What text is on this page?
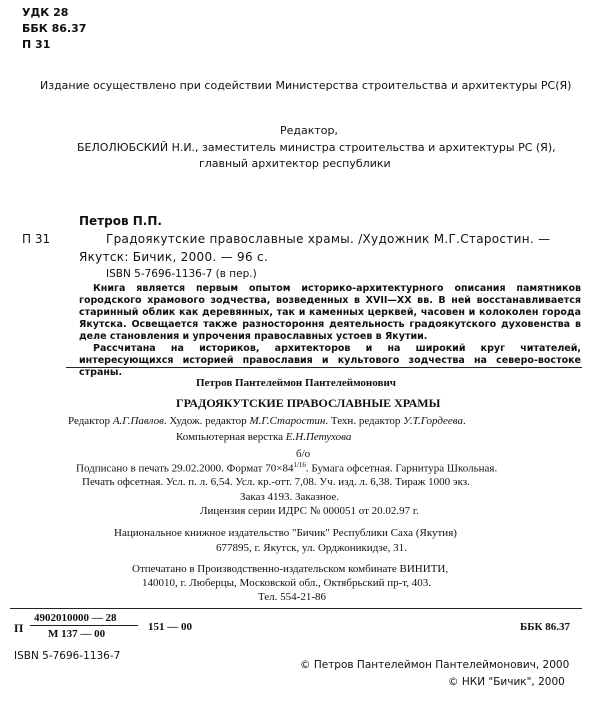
УДК 28
ББК 86.37
П 31
Издание осуществлено при содействии Министерства строительства и архитектуры РС(Я)
Редактор,
БЕЛОЛЮБСКИЙ Н.И., заместитель министра строительства и архитектуры РС (Я),
главный архитектор республики
Петров П.П.
П 31	Градоякутские православные храмы. /Художник М.Г.Старостин. —
Якутск: Бичик, 2000. — 96 с.
ISBN 5-7696-1136-7 (в пер.)

Книга является первым опытом историко-архитектурного описания памятников городского храмового зодчества, возведенных в XVII—XX вв. В ней восстанавливается старинный облик как деревянных, так и каменных церквей, часовен и колоколен города Якутска. Освещается также разностороння деятельность градоякутского духовенства в деле становления и упрочения православных устоев в Якутии.

Рассчитана на историков, архитекторов и на широкий круг читателей, интересующихся историей православия и культового зодчества на северо-востоке страны.

Петров Пантелеймон Пантелеймонович
ГРАДОЯКУТСКИЕ ПРАВОСЛАВНЫЕ ХРАМЫ
Редактор А.Г.Павлов. Худож. редактор М.Г.Старостин. Техн. редактор У.Т.Гордеева.
Компьютерная верстка Е.Н.Петухова
б/о
Подписано в печать 29.02.2000. Формат $70\times 84^{1/16}$. Бумага офсетная. Гарнитура Школьная.
Печать офсетная. Усл. п. л. 6,54. Усл. кр.-отт. 7,08. Уч. изд. л. 6,38. Тираж 1000 экз.
Заказ 4193. Заказное.
Лицензия серии ИДРС № 000051 от 20.02.97 г.
Национальное книжное издательство "Бичик" Республики Саха (Якутия)
677895, г. Якутск, ул. Орджоникидзе, 31.
Отпечатано в Производственно-издательском комбинате ВИНИТИ,
140010, г. Люберцы, Московской обл., Октябрьский пр-т, 403.
Тел. 554-21-86
П
4902010000 — 28
М 137 — 00
151 — 00	ББК 86.37
ISBN 5-7696-1136-7
© Петров Пантелеймон Пантелеймонович, 2000
© НКИ "Бичик", 2000
